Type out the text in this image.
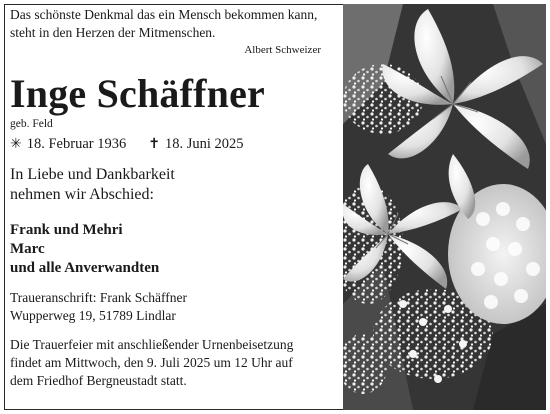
Das schönste Denkmal das ein Mensch bekommen kann,
steht in den Herzen der Mitmenschen.

Albert Schweizer

Inge Schäffner

geb. Feld

✳ 18. Februar 1936 ✝ 18. Juni 2025

In Liebe und Dankbarkeit
nehmen wir Abschied:

Frank und Mehri
Marc
und alle Anverwandten

Traueranschrift: Frank Schäffner
Wupperweg 19, 51789 Lindlar

Die Trauerfeier mit anschließender Urnenbeisetzung
findet am Mittwoch, den 9. Juli 2025 um 12 Uhr auf
dem Friedhof Bergneustadt statt.
